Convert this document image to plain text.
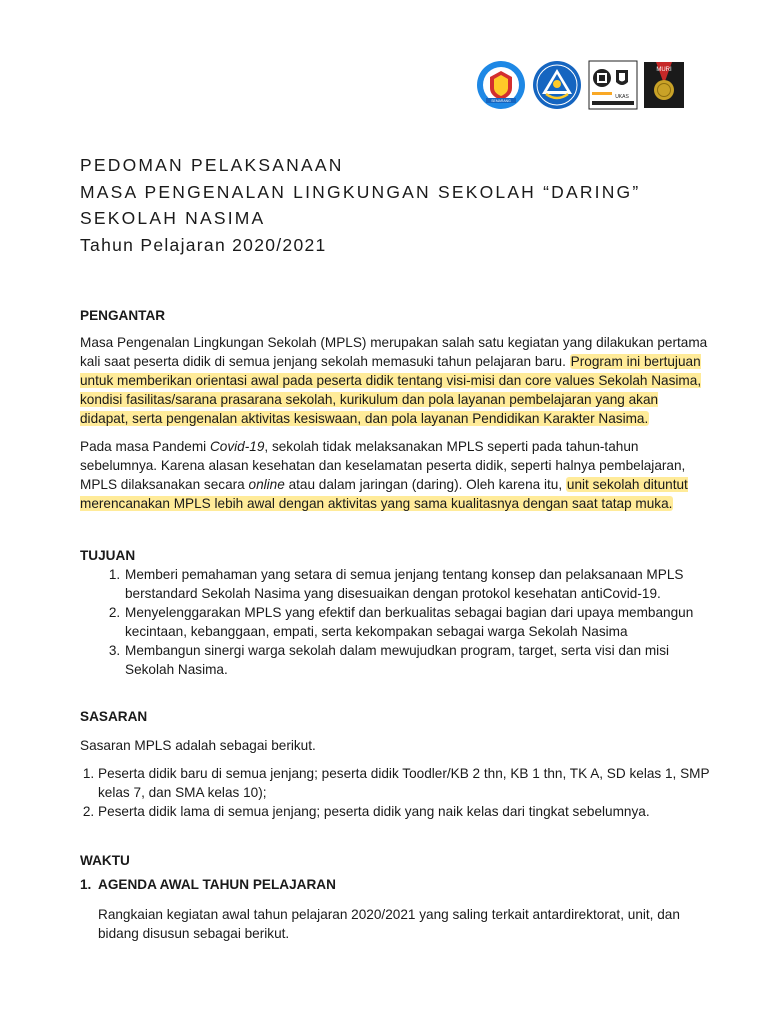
SEMARANG
UKAS
MURI
PEDOMAN PELAKSANAAN
MASA PENGENALAN LINGKUNGAN SEKOLAH “DARING”
SEKOLAH NASIMA
Tahun Pelajaran 2020/2021
PENGANTAR

Masa Pengenalan Lingkungan Sekolah (MPLS) merupakan salah satu kegiatan yang dilakukan pertama kali saat peserta didik di semua jenjang sekolah memasuki tahun pelajaran baru. Program ini bertujuan untuk memberikan orientasi awal pada peserta didik tentang visi-misi dan core values Sekolah Nasima, kondisi fasilitas/sarana prasarana sekolah, kurikulum dan pola layanan pembelajaran yang akan didapat, serta pengenalan aktivitas kesiswaan, dan pola layanan Pendidikan Karakter Nasima.

Pada masa Pandemi Covid-19, sekolah tidak melaksanakan MPLS seperti pada tahun-tahun sebelumnya. Karena alasan kesehatan dan keselamatan peserta didik, seperti halnya pembelajaran, MPLS dilaksanakan secara online atau dalam jaringan (daring). Oleh karena itu, unit sekolah dituntut merencanakan MPLS lebih awal dengan aktivitas yang sama kualitasnya dengan saat tatap muka.

TUJUAN
1. Memberi pemahaman yang setara di semua jenjang tentang konsep dan pelaksanaan MPLS berstandard Sekolah Nasima yang disesuaikan dengan protokol kesehatan antiCovid-19.
2. Menyelenggarakan MPLS yang efektif dan berkualitas sebagai bagian dari upaya membangun kecintaan, kebanggaan, empati, serta kekompakan sebagai warga Sekolah Nasima
3. Membangun sinergi warga sekolah dalam mewujudkan program, target, serta visi dan misi Sekolah Nasima.
SASARAN

Sasaran MPLS adalah sebagai berikut.

1. Peserta didik baru di semua jenjang; peserta didik Toodler/KB 2 thn, KB 1 thn, TK A, SD kelas 1, SMP kelas 7, dan SMA kelas 10);
2. Peserta didik lama di semua jenjang; peserta didik yang naik kelas dari tingkat sebelumnya.
WAKTU
1. AGENDA AWAL TAHUN PELAJARAN

Rangkaian kegiatan awal tahun pelajaran 2020/2021 yang saling terkait antardirektorat, unit, dan bidang disusun sebagai berikut.
